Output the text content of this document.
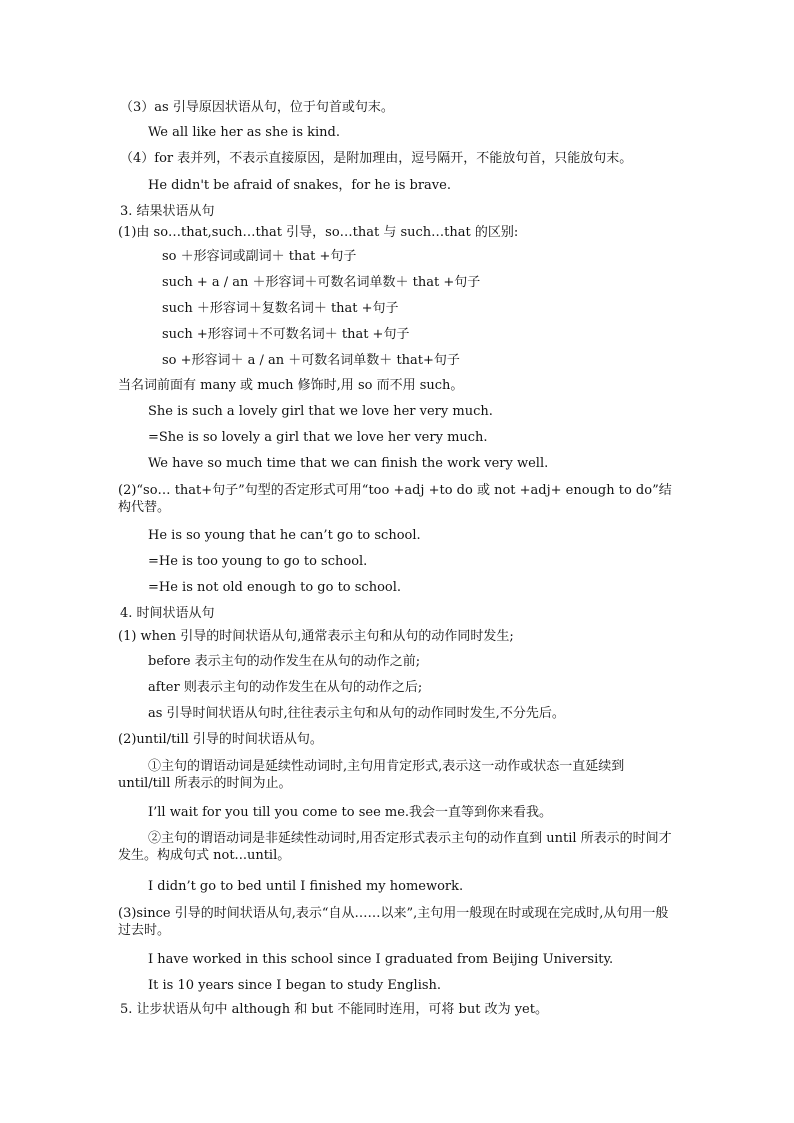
（3）as 引导原因状语从句，位于句首或句末。
We all like her as she is kind.
（4）for 表并列，不表示直接原因，是附加理由，逗号隔开，不能放句首，只能放句末。
He didn't be afraid of snakes，for he is brave.
3. 结果状语从句
(1)由 so…that,such…that 引导，so…that 与 such…that 的区别:
so ＋形容词或副词＋ that +句子
such + a / an ＋形容词＋可数名词单数＋ that +句子
such ＋形容词＋复数名词＋ that +句子
such +形容词＋不可数名词＋ that +句子
so +形容词＋ a / an ＋可数名词单数＋ that+句子
当名词前面有 many 或 much 修饰时,用 so 而不用 such。
She is such a lovely girl that we love her very much.
=She is so lovely a girl that we love her very much.
We have so much time that we can finish the work very well.
(2)“so… that+句子”句型的否定形式可用“too +adj +to do 或 not +adj+ enough to do”结构代替。
He is so young that he can’t go to school.
=He is too young to go to school.
=He is not old enough to go to school.
4. 时间状语从句
(1) when 引导的时间状语从句,通常表示主句和从句的动作同时发生;
before 表示主句的动作发生在从句的动作之前;
after 则表示主句的动作发生在从句的动作之后;
as 引导时间状语从句时,往往表示主句和从句的动作同时发生,不分先后。
(2)until/till 引导的时间状语从句。
①主句的谓语动词是延续性动词时,主句用肯定形式,表示这一动作或状态一直延续到 until/till 所表示的时间为止。
I’ll wait for you till you come to see me.我会一直等到你来看我。
②主句的谓语动词是非延续性动词时,用否定形式表示主句的动作直到 until 所表示的时间才发生。构成句式 not...until。
I didn’t go to bed until I finished my homework.
(3)since 引导的时间状语从句,表示“自从……以来”,主句用一般现在时或现在完成时,从句用一般过去时。
I have worked in this school since I graduated from Beijing University.
It is 10 years since I began to study English.
5. 让步状语从句中 although 和 but 不能同时连用，可将 but 改为 yet。
